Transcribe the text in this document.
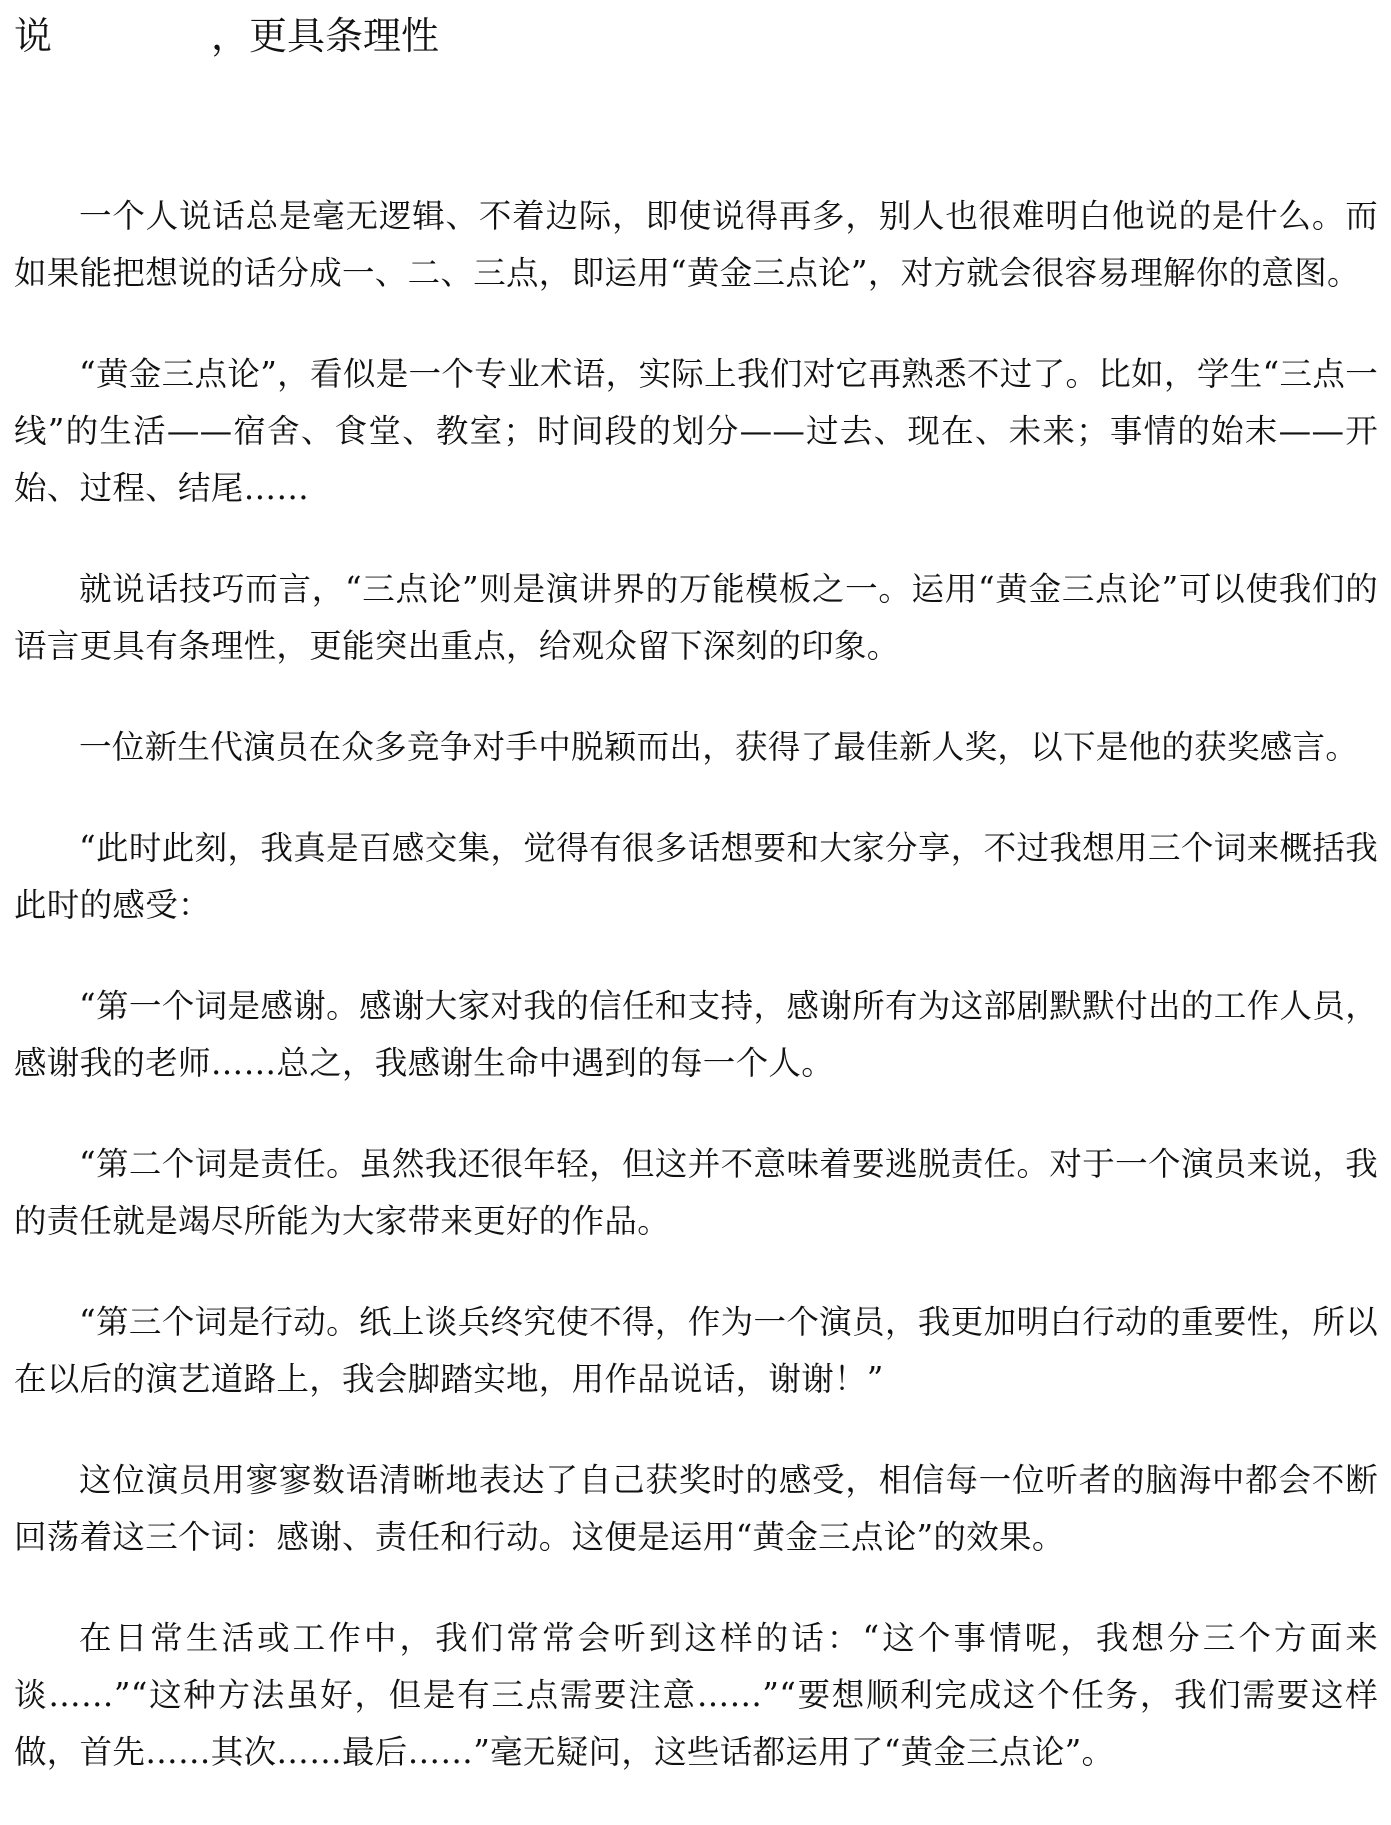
说	，更具条理性

一个人说话总是毫无逻辑、不着边际，即使说得再多，别人也很难明白他说的是什么。而如果能把想说的话分成一、二、三点，即运用“黄金三点论”，对方就会很容易理解你的意图。

“黄金三点论”，看似是一个专业术语，实际上我们对它再熟悉不过了。比如，学生“三点一线”的生活——宿舍、食堂、教室；时间段的划分——过去、现在、未来；事情的始末——开始、过程、结尾……

就说话技巧而言，“三点论”则是演讲界的万能模板之一。运用“黄金三点论”可以使我们的语言更具有条理性，更能突出重点，给观众留下深刻的印象。

一位新生代演员在众多竞争对手中脱颖而出，获得了最佳新人奖，以下是他的获奖感言。

“此时此刻，我真是百感交集，觉得有很多话想要和大家分享，不过我想用三个词来概括我此时的感受：

“第一个词是感谢。感谢大家对我的信任和支持，感谢所有为这部剧默默付出的工作人员，感谢我的老师……总之，我感谢生命中遇到的每一个人。

“第二个词是责任。虽然我还很年轻，但这并不意味着要逃脱责任。对于一个演员来说，我的责任就是竭尽所能为大家带来更好的作品。

“第三个词是行动。纸上谈兵终究使不得，作为一个演员，我更加明白行动的重要性，所以在以后的演艺道路上，我会脚踏实地，用作品说话，谢谢！”

这位演员用寥寥数语清晰地表达了自己获奖时的感受，相信每一位听者的脑海中都会不断回荡着这三个词：感谢、责任和行动。这便是运用“黄金三点论”的效果。

在日常生活或工作中，我们常常会听到这样的话：“这个事情呢，我想分三个方面来谈……”“这种方法虽好，但是有三点需要注意……”“要想顺利完成这个任务，我们需要这样做，首先……其次……最后……”毫无疑问，这些话都运用了“黄金三点论”。
